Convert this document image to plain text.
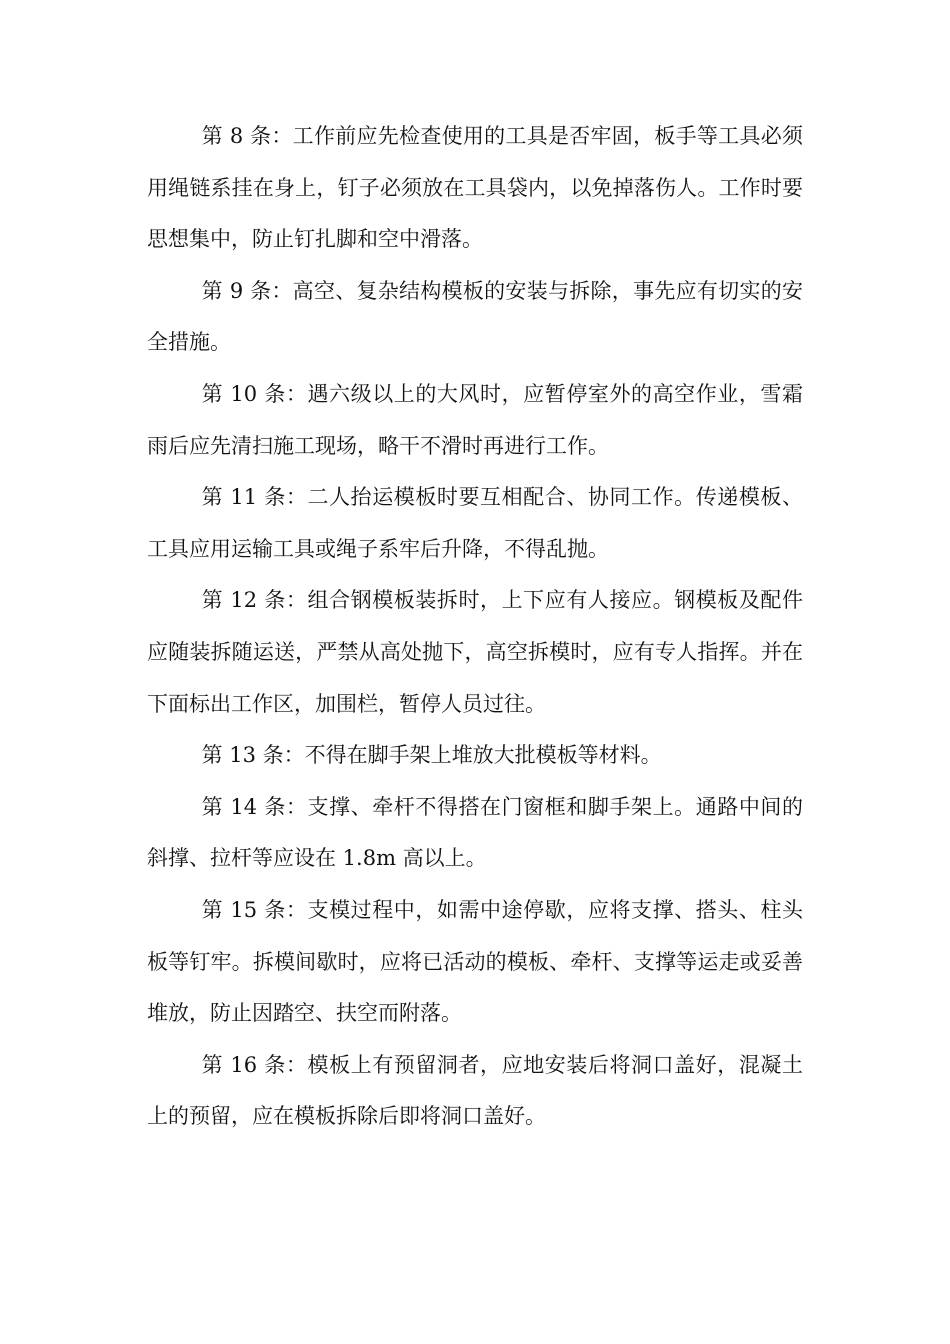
第 8 条：工作前应先检查使用的工具是否牢固，板手等工具必须用绳链系挂在身上，钉子必须放在工具袋内，以免掉落伤人。工作时要思想集中，防止钉扎脚和空中滑落。

第 9 条：高空、复杂结构模板的安装与拆除，事先应有切实的安全措施。

第 10 条：遇六级以上的大风时，应暂停室外的高空作业，雪霜雨后应先清扫施工现场，略干不滑时再进行工作。

第 11 条：二人抬运模板时要互相配合、协同工作。传递模板、工具应用运输工具或绳子系牢后升降，不得乱抛。

第 12 条：组合钢模板装拆时，上下应有人接应。钢模板及配件应随装拆随运送，严禁从高处抛下，高空拆模时，应有专人指挥。并在下面标出工作区，加围栏，暂停人员过往。

第 13 条：不得在脚手架上堆放大批模板等材料。

第 14 条：支撑、牵杆不得搭在门窗框和脚手架上。通路中间的斜撑、拉杆等应设在 1.8m 高以上。

第 15 条：支模过程中，如需中途停歇，应将支撑、搭头、柱头板等钉牢。拆模间歇时，应将已活动的模板、牵杆、支撑等运走或妥善堆放，防止因踏空、扶空而附落。

第 16 条：模板上有预留洞者，应地安装后将洞口盖好，混凝土上的预留，应在模板拆除后即将洞口盖好。
